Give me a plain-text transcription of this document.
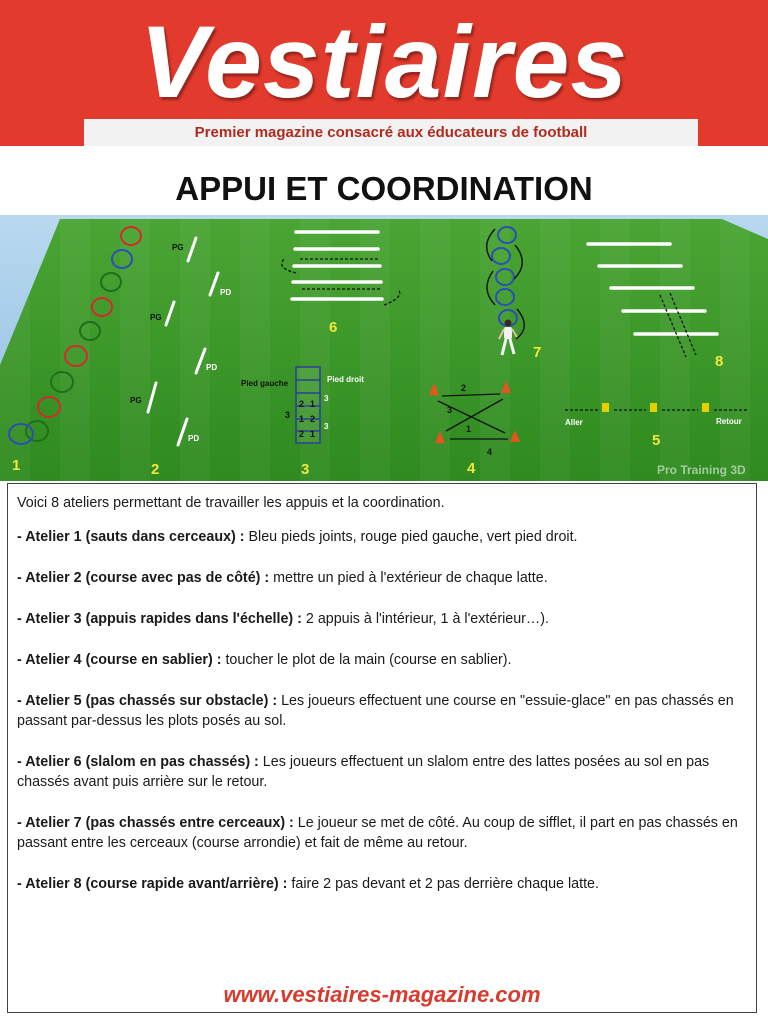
Vestiaires
Premier magazine consacré aux éducateurs de football
APPUI ET COORDINATION
PG
PD
PG
PD
PG
PD
Pied gauche	Pied droit
2 1
1 2
2 1
3
3
3
2
3
1
4
Aller	Retour
1	2	3	4
5
6
7
8
Pro Training 3D

Voici 8 ateliers permettant de travailler les appuis et la coordination.

- Atelier 1 (sauts dans cerceaux) : Bleu pieds joints, rouge pied gauche, vert pied droit.

- Atelier 2 (course avec pas de côté) : mettre un pied à l'extérieur de chaque latte.

- Atelier 3 (appuis rapides dans l'échelle) : 2 appuis à l'intérieur, 1 à l'extérieur…).

- Atelier 4 (course en sablier) : toucher le plot de la main (course en sablier).

- Atelier 5 (pas chassés sur obstacle) : Les joueurs effectuent une course en "essuie-glace" en pas chassés en passant par-dessus les plots posés au sol.

- Atelier 6 (slalom en pas chassés) : Les joueurs effectuent un slalom entre des lattes posées au sol en pas chassés avant puis arrière sur le retour.

- Atelier 7 (pas chassés entre cerceaux) : Le joueur se met de côté. Au coup de sifflet, il part en pas chassés en passant entre les cerceaux (course arrondie) et fait de même au retour.

- Atelier 8 (course rapide avant/arrière) : faire 2 pas devant et 2 pas derrière chaque latte.

www.vestiaires-magazine.com
